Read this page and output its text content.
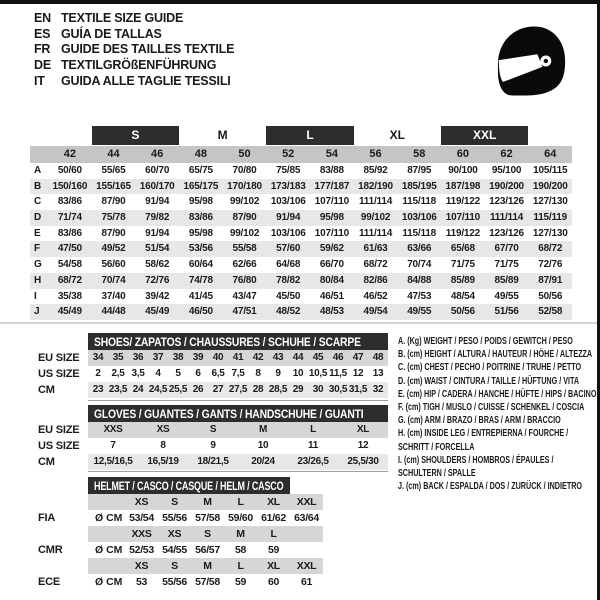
EN TEXTILE SIZE GUIDE
ES GUÍA DE TALLAS
FR GUIDE DES TAILLES TEXTILE
DE TEXTILGRÖßENFÜHRUNG
IT	GUIDA ALLE TAGLIE TESSILI
S	M	L	XL	XXL
42	44	46	48	50	52	54	56	58	60	62	64
A	50/60	55/65	60/70	65/75	70/80	75/85	83/88	85/92	87/95	90/100	95/100	105/115
B	150/160 155/165 160/170 165/175 170/180 173/183 177/187 182/190 185/195 187/198 190/200 190/200
C	83/86	87/90	91/94	95/98	99/102	103/106 107/110	111/114	115/118 119/122 123/126 127/130
D	71/74	75/78	79/82	83/86	87/90	91/94	95/98	99/102	103/106 107/110	111/114	115/119
E	83/86	87/90	91/94	95/98	99/102	103/106 107/110	111/114	115/118 119/122 123/126 127/130
F	47/50	49/52	51/54	53/56	55/58	57/60	59/62	61/63	63/66	65/68	67/70	68/72
G	54/58	56/60	58/62	60/64	62/66	64/68	66/70	68/72	70/74	71/75	71/75	72/76
H	68/72	70/74	72/76	74/78	76/80	78/82	80/84	82/86	84/88	85/89	85/89	87/91
I	35/38	37/40	39/42	41/45	43/47	45/50	46/51	46/52	47/53	48/54	49/55	50/56
J	45/49	44/48	45/49	46/50	47/51	48/52	48/53	49/54	49/55	50/56	51/56	52/58
SHOES/ ZAPATOS / CHAUSSURES / SCHUHE / SCARPE
EU SIZE	34 35 36 37 38 39 40 41 42 43 44 45 46 47 48
US SIZE	2	2,5 3,5	4	5	6	6,5 7,5	8	9	10 10,5 11,5 12 13
CM	23 23,5 24 24,5 25,5 26 27 27,5 28 28,5 29 30 30,5 31,5 32
GLOVES / GUANTES / GANTS / HANDSCHUHE / GUANTI
EU SIZE	XXS	XS	S	M	L	XL
US SIZE	7	8	9	10	11	12
CM	12,5/16,5	16,5/19	18/21,5	20/24	23/26,5	25,5/30
HELMET / CASCO / CASQUE / HELM / CASCO
XS	S	M	L	XL	XXL
FIA	Ø CM 53/54 55/56 57/58 59/60 61/62 63/64
XXS	XS	S	M	L
CMR	Ø CM 52/53 54/55 56/57	58	59
XS	S	M	L	XL	XXL
ECE	Ø CM	53	55/56 57/58	59	60	61
A. (Kg) WEIGHT / PESO / POIDS / GEWITCH / PESO
B. (cm) HEIGHT / ALTURA / HAUTEUR / HÖHE / ALTEZZA
C. (cm) CHEST / PECHO / POITRINE / TRUHE / PETTO
D. (cm) WAIST / CINTURA / TAILLE / HÜFTUNG / VITA
E. (cm) HIP / CADERA / HANCHE / HÜFTE / HIPS / BACINO
F. (cm) TIGH / MUSLO / CUISSE / SCHENKEL / COSCIA
G. (cm) ARM / BRAZO / BRAS / ARM / BRACCIO
H. (cm) INSIDE LEG / ENTREPIERNA / FOURCHE /
SCHRITT / FORCELLA
I. (cm) SHOULDERS / HOMBROS / ÉPAULES /
SCHULTERN / SPALLE
J. (cm) BACK / ESPALDA / DOS / ZURÜCK / INDIETRO
